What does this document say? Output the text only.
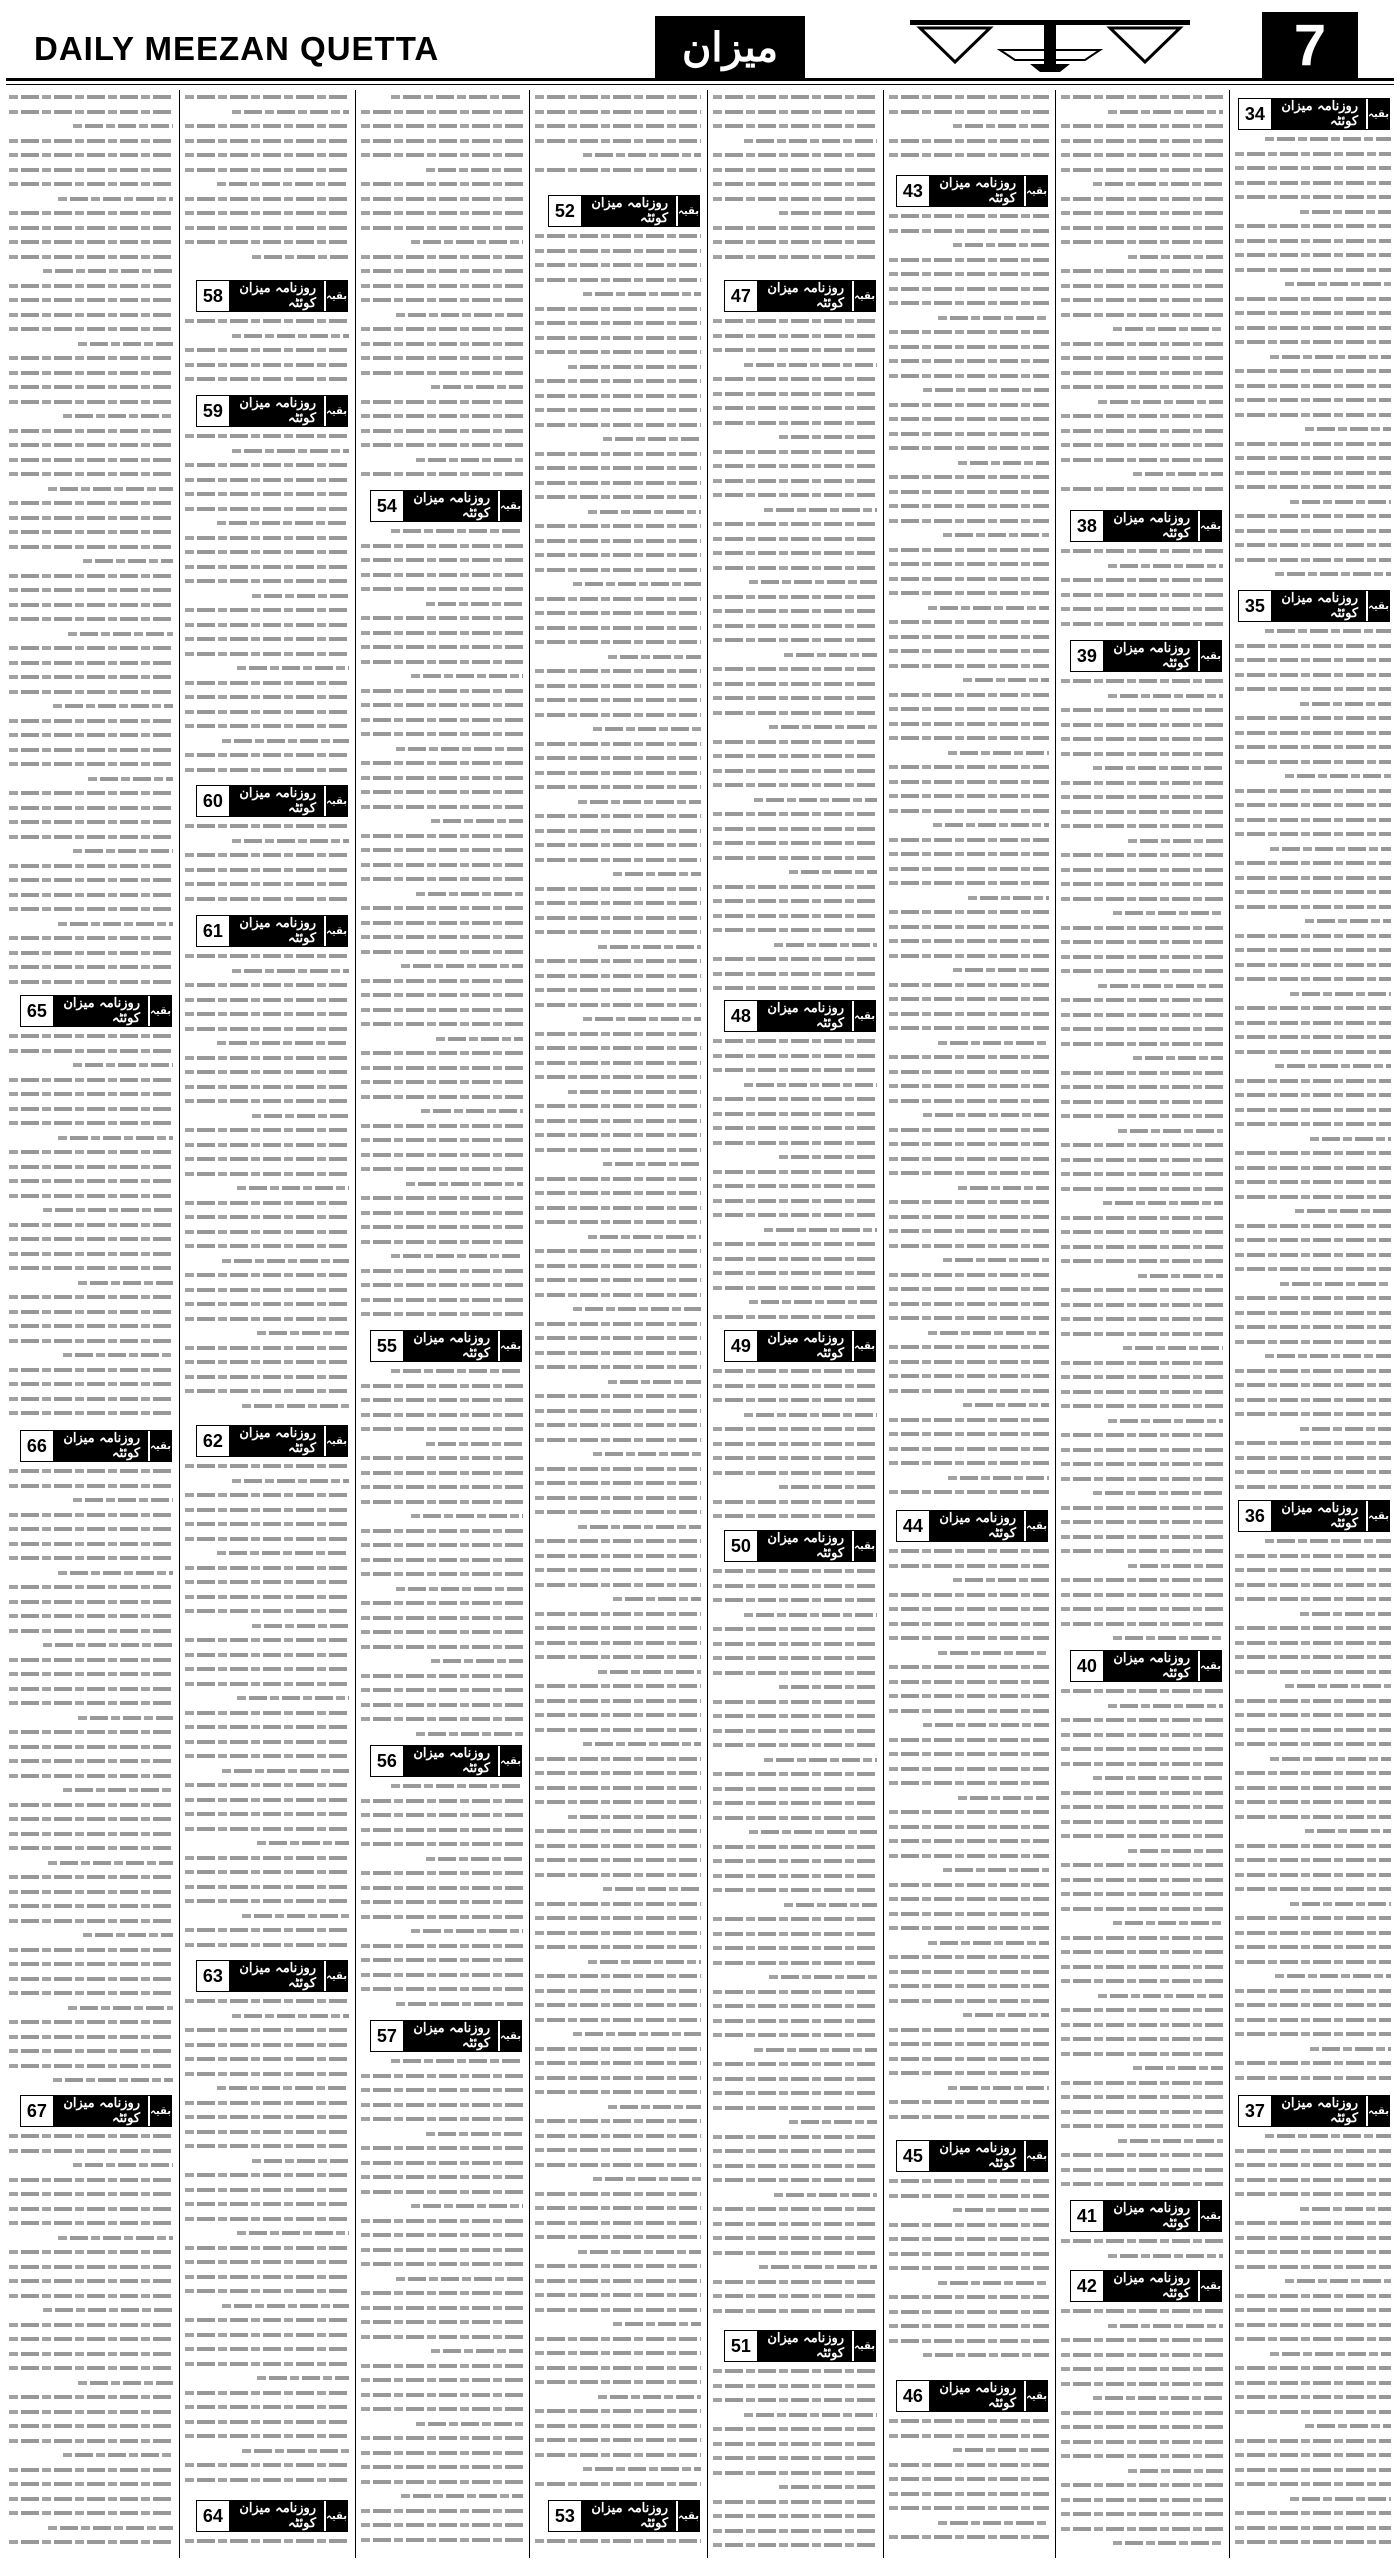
DAILY MEEZAN QUETTA	میزان	7
بقیہ
روزنامہ میزان کوئٹہ
34
بقیہ
روزنامہ میزان کوئٹہ
35
بقیہ
روزنامہ میزان کوئٹہ
36
بقیہ
روزنامہ میزان کوئٹہ
37
بقیہ
روزنامہ میزان کوئٹہ
38
بقیہ
روزنامہ میزان کوئٹہ
39
بقیہ
روزنامہ میزان کوئٹہ
40
بقیہ
روزنامہ میزان کوئٹہ
41
بقیہ
روزنامہ میزان کوئٹہ
42
بقیہ
روزنامہ میزان کوئٹہ
43
بقیہ
روزنامہ میزان کوئٹہ
44
بقیہ
روزنامہ میزان کوئٹہ
45
بقیہ
روزنامہ میزان کوئٹہ
46
بقیہ
روزنامہ میزان کوئٹہ
47
بقیہ
روزنامہ میزان کوئٹہ
48
بقیہ
روزنامہ میزان کوئٹہ
49
بقیہ
روزنامہ میزان کوئٹہ
50
بقیہ
روزنامہ میزان کوئٹہ
51
بقیہ
روزنامہ میزان کوئٹہ
52
بقیہ
روزنامہ میزان کوئٹہ
53
بقیہ
روزنامہ میزان کوئٹہ
54
بقیہ
روزنامہ میزان کوئٹہ
55
بقیہ
روزنامہ میزان کوئٹہ
56
بقیہ
روزنامہ میزان کوئٹہ
57
بقیہ
روزنامہ میزان کوئٹہ
58
بقیہ
روزنامہ میزان کوئٹہ
59
بقیہ
روزنامہ میزان کوئٹہ
60
بقیہ
روزنامہ میزان کوئٹہ
61
بقیہ
روزنامہ میزان کوئٹہ
62
بقیہ
روزنامہ میزان کوئٹہ
63
بقیہ
روزنامہ میزان کوئٹہ
64
بقیہ
روزنامہ میزان کوئٹہ
65
بقیہ
روزنامہ میزان کوئٹہ
66
بقیہ
روزنامہ میزان کوئٹہ
67
